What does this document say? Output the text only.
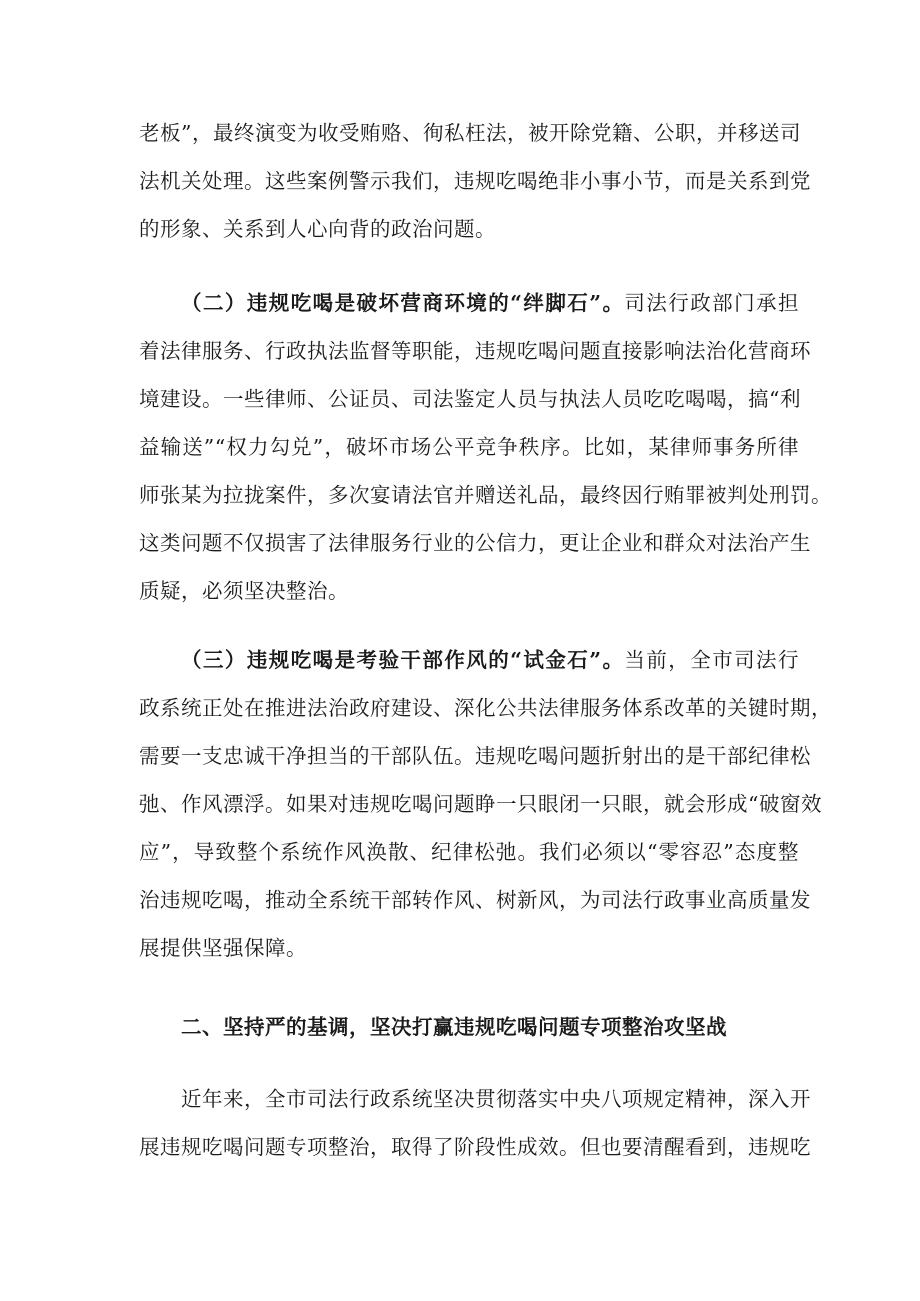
老板”，最终演变为收受贿赂、徇私枉法，被开除党籍、公职，并移送司
法机关处理。这些案例警示我们，违规吃喝绝非小事小节，而是关系到党
的形象、关系到人心向背的政治问题。
（二）违规吃喝是破坏营商环境的“绊脚石”。司法行政部门承担
着法律服务、行政执法监督等职能，违规吃喝问题直接影响法治化营商环
境建设。一些律师、公证员、司法鉴定人员与执法人员吃吃喝喝，搞“利
益输送”“权力勾兑”，破坏市场公平竞争秩序。比如，某律师事务所律
师张某为拉拢案件，多次宴请法官并赠送礼品，最终因行贿罪被判处刑罚。
这类问题不仅损害了法律服务行业的公信力，更让企业和群众对法治产生
质疑，必须坚决整治。
（三）违规吃喝是考验干部作风的“试金石”。当前，全市司法行
政系统正处在推进法治政府建设、深化公共法律服务体系改革的关键时期，
需要一支忠诚干净担当的干部队伍。违规吃喝问题折射出的是干部纪律松
弛、作风漂浮。如果对违规吃喝问题睁一只眼闭一只眼，就会形成“破窗效
应”，导致整个系统作风涣散、纪律松弛。我们必须以“零容忍”态度整
治违规吃喝，推动全系统干部转作风、树新风，为司法行政事业高质量发
展提供坚强保障。
二、坚持严的基调，坚决打赢违规吃喝问题专项整治攻坚战
近年来，全市司法行政系统坚决贯彻落实中央八项规定精神，深入开
展违规吃喝问题专项整治，取得了阶段性成效。但也要清醒看到，违规吃
